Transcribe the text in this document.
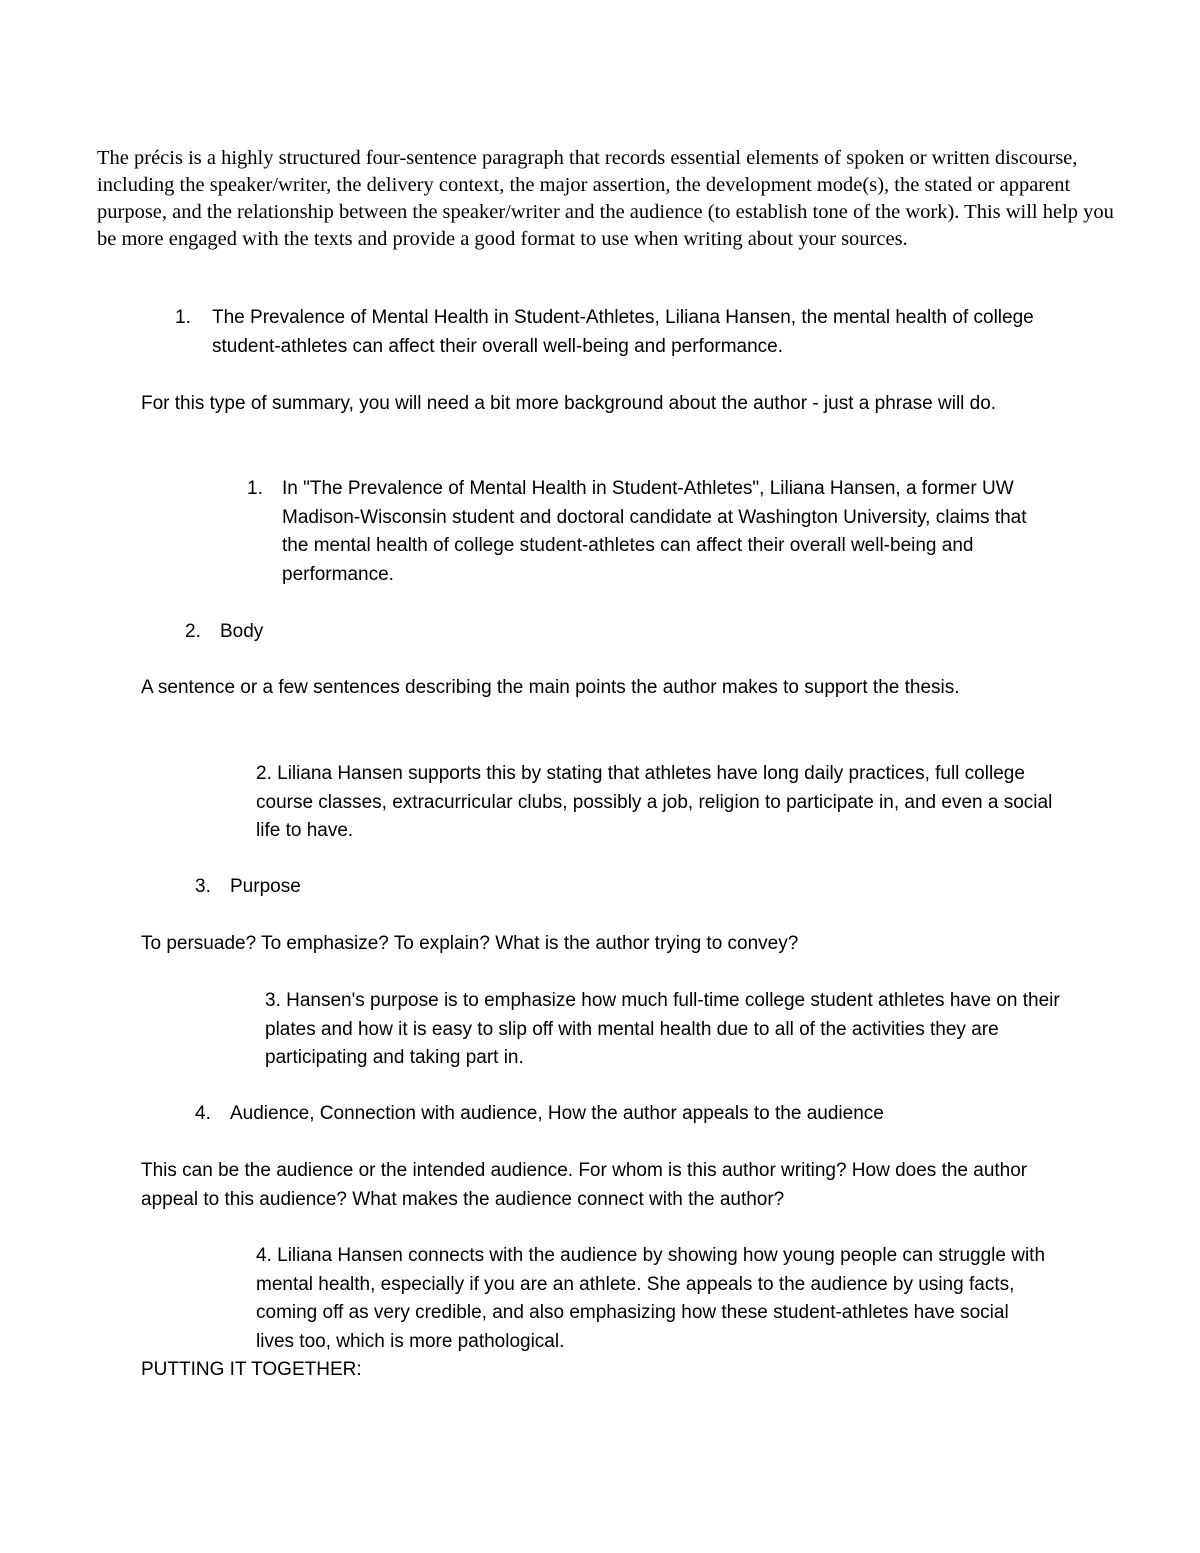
The précis is a highly structured four-sentence paragraph that records essential elements of spoken or written discourse, including the speaker/writer, the delivery context, the major assertion, the development mode(s), the stated or apparent purpose, and the relationship between the speaker/writer and the audience (to establish tone of the work). This will help you be more engaged with the texts and provide a good format to use when writing about your sources.

1.	The Prevalence of Mental Health in Student-Athletes, Liliana Hansen, the mental health of college student-athletes can affect their overall well-being and performance.

For this type of summary, you will need a bit more background about the author - just a phrase will do.

1.	In "The Prevalence of Mental Health in Student-Athletes", Liliana Hansen, a former UW Madison-Wisconsin student and doctoral candidate at Washington University, claims that the mental health of college student-athletes can affect their overall well-being and performance.
2.	Body

A sentence or a few sentences describing the main points the author makes to support the thesis.

2. Liliana Hansen supports this by stating that athletes have long daily practices, full college course classes, extracurricular clubs, possibly a job, religion to participate in, and even a social life to have.

3.	Purpose

To persuade? To emphasize? To explain? What is the author trying to convey?

3. Hansen's purpose is to emphasize how much full-time college student athletes have on their plates and how it is easy to slip off with mental health due to all of the activities they are participating and taking part in.

4.	Audience, Connection with audience, How the author appeals to the audience

This can be the audience or the intended audience. For whom is this author writing? How does the author appeal to this audience? What makes the audience connect with the author?

4. Liliana Hansen connects with the audience by showing how young people can struggle with mental health, especially if you are an athlete. She appeals to the audience by using facts, coming off as very credible, and also emphasizing how these student-athletes have social lives too, which is more pathological.

PUTTING IT TOGETHER:
